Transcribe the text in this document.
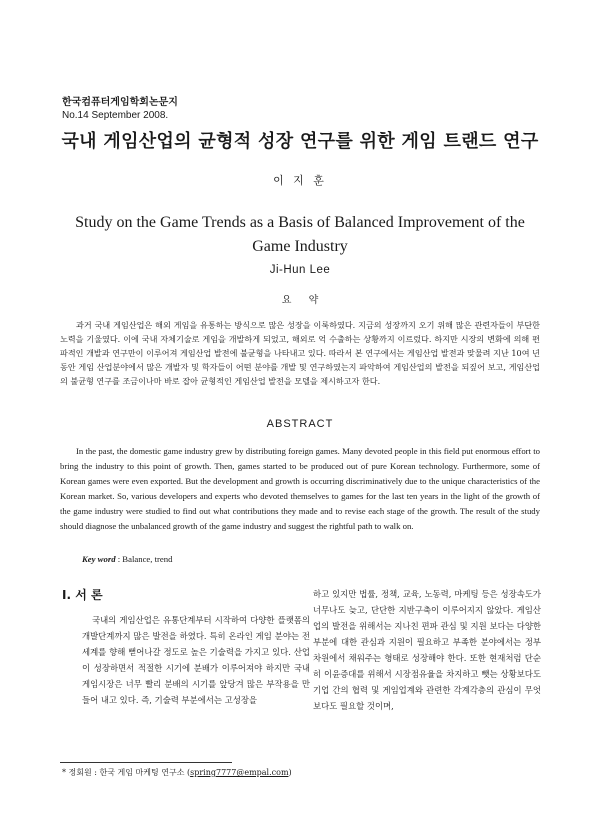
한국컴퓨터게임학회논문지
No.14 September 2008.
국내 게임산업의 균형적 성장 연구를 위한 게임 트랜드 연구
이 지 훈
Study on the Game Trends as a Basis of Balanced Improvement of the Game Industry
Ji-Hun Lee
요 약
과거 국내 게임산업은 해외 게임을 유통하는 방식으로 많은 성장을 이룩하였다. 지금의 성장까지 오기 위해 많은 관련자들이 부단한 노력을 기울였다. 이에 국내 자체기술로 게임을 개발하게 되었고, 해외로 억 수출하는 상황까지 이르렀다. 하지만 시장의 변화에 의해 편파적인 개발과 연구만이 이루어져 게임산업 발전에 불균형을 나타내고 있다. 따라서 본 연구에서는 게임산업 발전과 맞물려 지난 10여 년 동안 게임 산업분야에서 많은 개발자 및 학자들이 어떤 분야를 개발 및 연구하였는지 파악하여 게임산업의 발전을 되짚어 보고, 게임산업의 불균형 연구를 조금이나마 바로 잡아 균형적인 게임산업 발전을 모델을 제시하고자 한다.
ABSTRACT
In the past, the domestic game industry grew by distributing foreign games. Many devoted people in this field put enormous effort to bring the industry to this point of growth. Then, games started to be produced out of pure Korean technology. Furthermore, some of Korean games were even exported. But the development and growth is occurring discriminatively due to the unique characteristics of the Korean market. So, various developers and experts who devoted themselves to games for the last ten years in the light of the growth of the game industry were studied to find out what contributions they made and to revise each stage of the growth. The result of the study should diagnose the unbalanced growth of the game industry and suggest the rightful path to walk on.
Key word : Balance, trend
Ⅰ. 서 론
국내의 게임산업은 유통단계부터 시작하여 다양한 플랫폼의 개발단계까지 많은 발전을 하였다. 특히 온라인 게임 분야는 전 세계를 향해 뻗어나갈 정도로 높은 기술력을 가지고 있다. 산업이 성장하면서 적절한 시기에 분배가 이루어져야 하지만 국내 게임시장은 너무 빨리 분배의 시기를 앞당겨 많은 부작용을 만들어 내고 있다. 즉, 기술력 부분에서는 고성장을
하고 있지만 법률, 정책, 교육, 노동력, 마케팅 등은 성장속도가 너무나도 늦고, 단단한 지반구축이 이루어지지 않았다. 게임산업의 발전을 위해서는 지나친 편파 관심 및 지원 보다는 다양한 부분에 대한 관심과 지원이 필요하고 부족한 분야에서는 정부차원에서 채워주는 형태로 성장해야 한다. 또한 현재처럼 단순히 이윤증대를 위해서 시장점유율을 차지하고 뺏는 상황보다도 기업 간의 협력 및 게임업계와 관련한 각계각층의 관심이 무엇보다도 필요할 것이며,
* 정회원 : 한국 게임 마케팅 연구소 (spring7777@empal.com)
